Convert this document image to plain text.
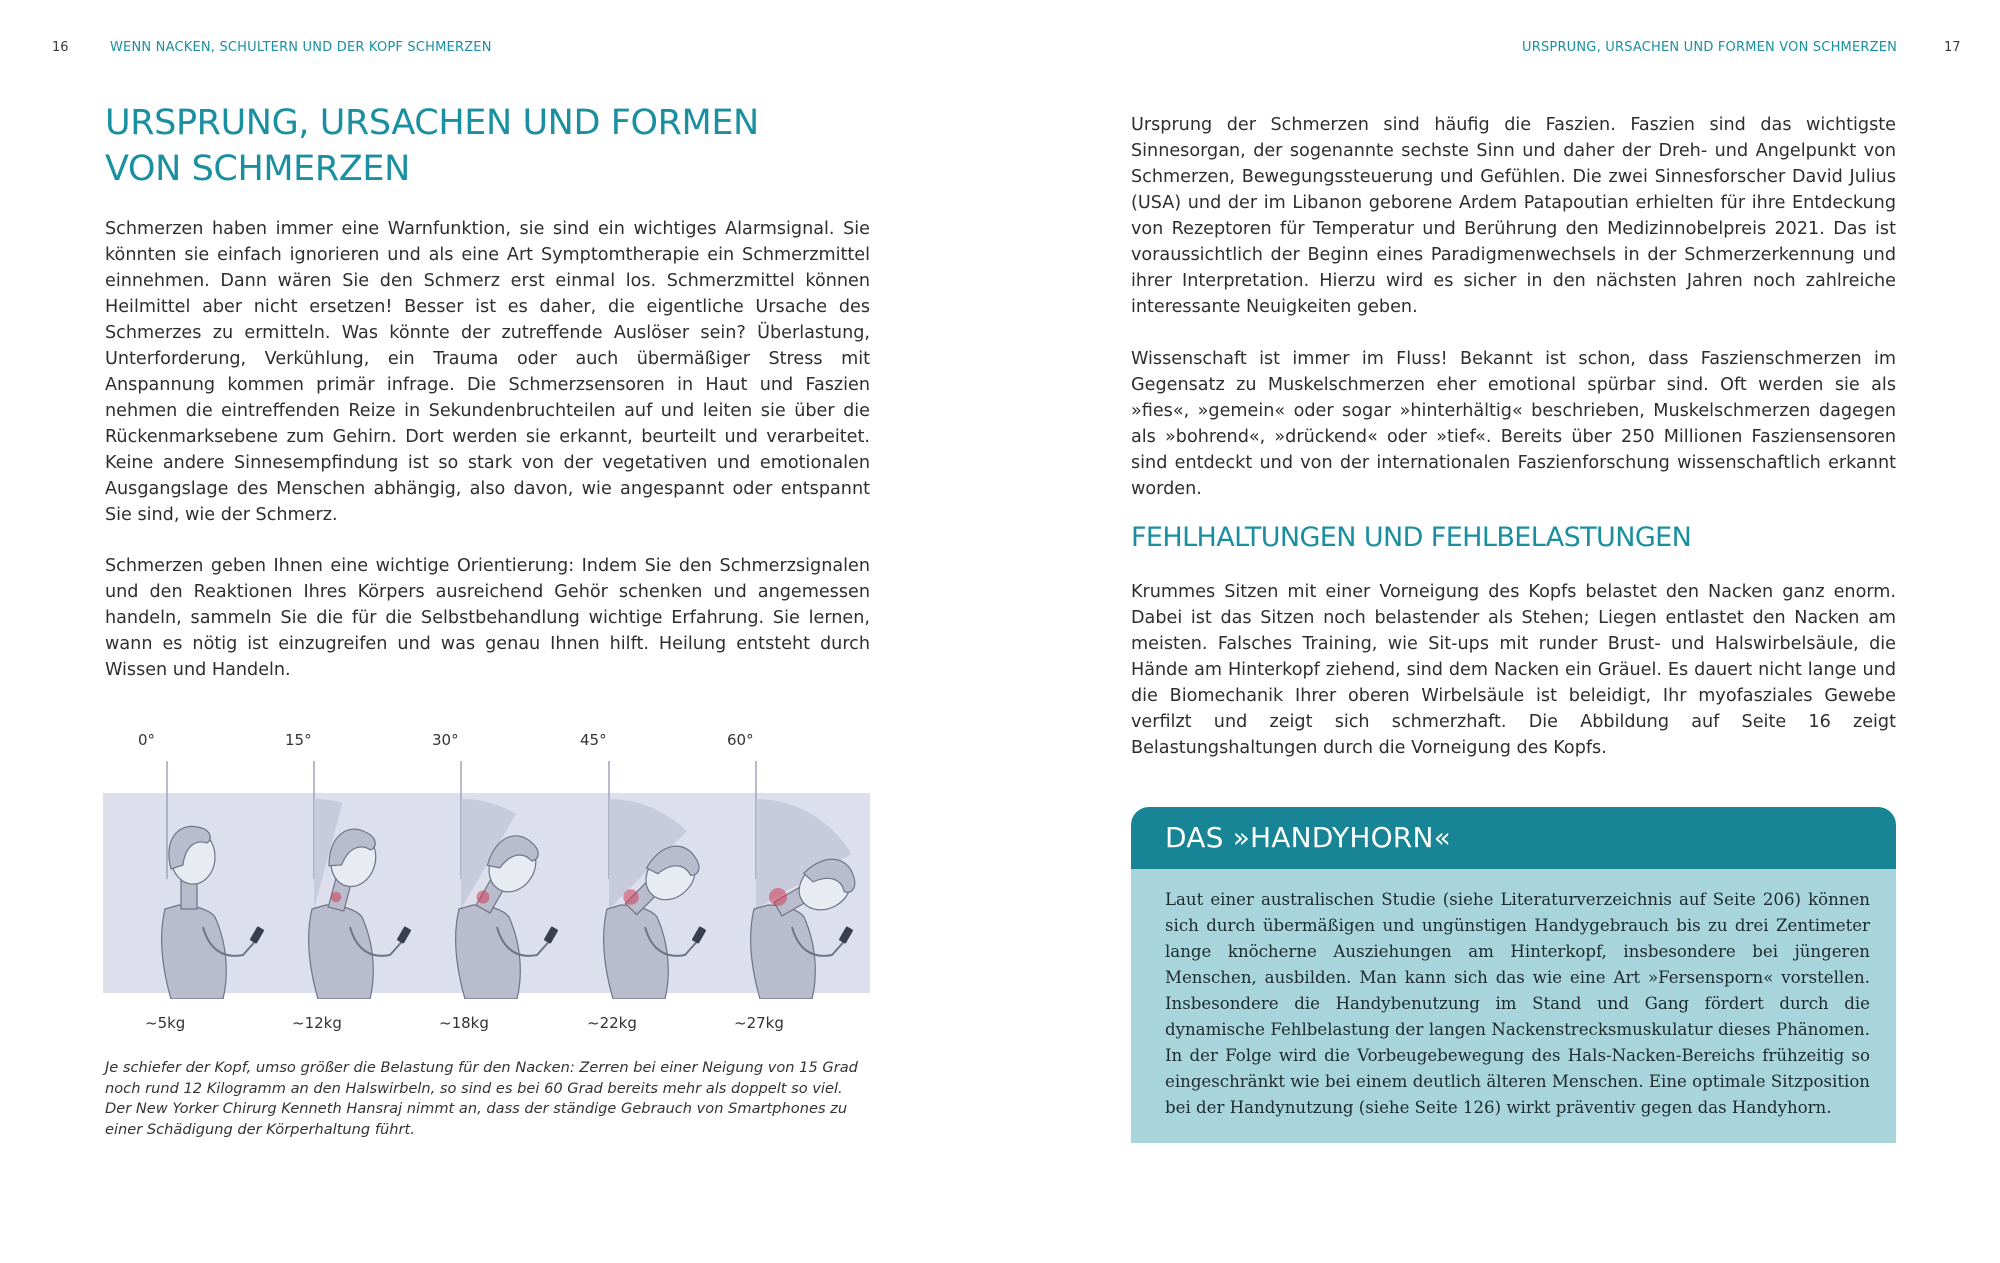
16	WENN NACKEN, SCHULTERN UND DER KOPF SCHMERZEN
URSPRUNG, URSACHEN UND FORMEN
VON SCHMERZEN

Schmerzen haben immer eine Warnfunktion, sie sind ein wichtiges Alarmsignal. Sie könnten sie einfach ignorieren und als eine Art Symptomtherapie ein Schmerzmittel einnehmen. Dann wären Sie den Schmerz erst einmal los. Schmerzmittel können Heilmittel aber nicht ersetzen! Besser ist es daher, die eigentliche Ursache des Schmerzes zu ermitteln. Was könnte der zutreffende Auslöser sein? Überlastung, Unterforderung, Verkühlung, ein Trauma oder auch übermäßiger Stress mit Anspannung kommen primär infrage. Die Schmerzsensoren in Haut und Faszien nehmen die eintreffenden Reize in Sekundenbruchteilen auf und leiten sie über die Rückenmarksebene zum Gehirn. Dort werden sie erkannt, beurteilt und verarbeitet. Keine andere Sinnesempfindung ist so stark von der vegetativen und emotionalen Ausgangslage des Menschen abhängig, also davon, wie angespannt oder entspannt Sie sind, wie der Schmerz.

Schmerzen geben Ihnen eine wichtige Orientierung: Indem Sie den Schmerzsignalen und den Reaktionen Ihres Körpers ausreichend Gehör schenken und angemessen handeln, sammeln Sie die für die Selbstbehandlung wichtige Erfahrung. Sie lernen, wann es nötig ist einzugreifen und was genau Ihnen hilft. Heilung entsteht durch Wissen und Handeln.

0°	15°	30°	45°	60°
~5kg	~12kg	~18kg	~22kg	~27kg

Je schiefer der Kopf, umso größer die Belastung für den Nacken: Zerren bei einer Neigung von 15 Grad noch rund 12 Kilogramm an den Halswirbeln, so sind es bei 60 Grad bereits mehr als doppelt so viel. Der New Yorker Chirurg Kenneth Hansraj nimmt an, dass der ständige Gebrauch von Smartphones zu einer Schädigung der Körperhaltung führt.

URSPRUNG, URSACHEN UND FORMEN VON SCHMERZEN	17

Ursprung der Schmerzen sind häufig die Faszien. Faszien sind das wichtigste Sinnesorgan, der sogenannte sechste Sinn und daher der Dreh- und Angelpunkt von Schmerzen, Bewegungssteuerung und Gefühlen. Die zwei Sinnesforscher David Julius (USA) und der im Libanon geborene Ardem Patapoutian erhielten für ihre Entdeckung von Rezeptoren für Temperatur und Berührung den Medizinnobelpreis 2021. Das ist voraussichtlich der Beginn eines Paradigmenwechsels in der Schmerzerkennung und ihrer Interpretation. Hierzu wird es sicher in den nächsten Jahren noch zahlreiche interessante Neuigkeiten geben.

Wissenschaft ist immer im Fluss! Bekannt ist schon, dass Faszienschmerzen im Gegensatz zu Muskelschmerzen eher emotional spürbar sind. Oft werden sie als »fies«, »gemein« oder sogar »hinterhältig« beschrieben, Muskelschmerzen dagegen als »bohrend«, »drückend« oder »tief«. Bereits über 250 Millionen Fasziensensoren sind entdeckt und von der internationalen Faszienforschung wissenschaftlich erkannt worden.

FEHLHALTUNGEN UND FEHLBELASTUNGEN

Krummes Sitzen mit einer Vorneigung des Kopfs belastet den Nacken ganz enorm. Dabei ist das Sitzen noch belastender als Stehen; Liegen entlastet den Nacken am meisten. Falsches Training, wie Sit-ups mit runder Brust- und Halswirbelsäule, die Hände am Hinterkopf ziehend, sind dem Nacken ein Gräuel. Es dauert nicht lange und die Biomechanik Ihrer oberen Wirbelsäule ist beleidigt, Ihr myofasziales Gewebe verfilzt und zeigt sich schmerzhaft. Die Abbildung auf Seite 16 zeigt Belastungshaltungen durch die Vorneigung des Kopfs.

DAS »HANDYHORN«

Laut einer australischen Studie (siehe Literaturverzeichnis auf Seite 206) können sich durch übermäßigen und ungünstigen Handygebrauch bis zu drei Zentimeter lange knöcherne Ausziehungen am Hinterkopf, insbesondere bei jüngeren Menschen, ausbilden. Man kann sich das wie eine Art »Fersensporn« vorstellen. Insbesondere die Handybenutzung im Stand und Gang fördert durch die dynamische Fehlbelastung der langen Nackenstrecksmuskulatur dieses Phänomen. In der Folge wird die Vorbeugebewegung des Hals-Nacken-Bereichs frühzeitig so eingeschränkt wie bei einem deutlich älteren Menschen. Eine optimale Sitzposition bei der Handynutzung (siehe Seite 126) wirkt präventiv gegen das Handyhorn.
